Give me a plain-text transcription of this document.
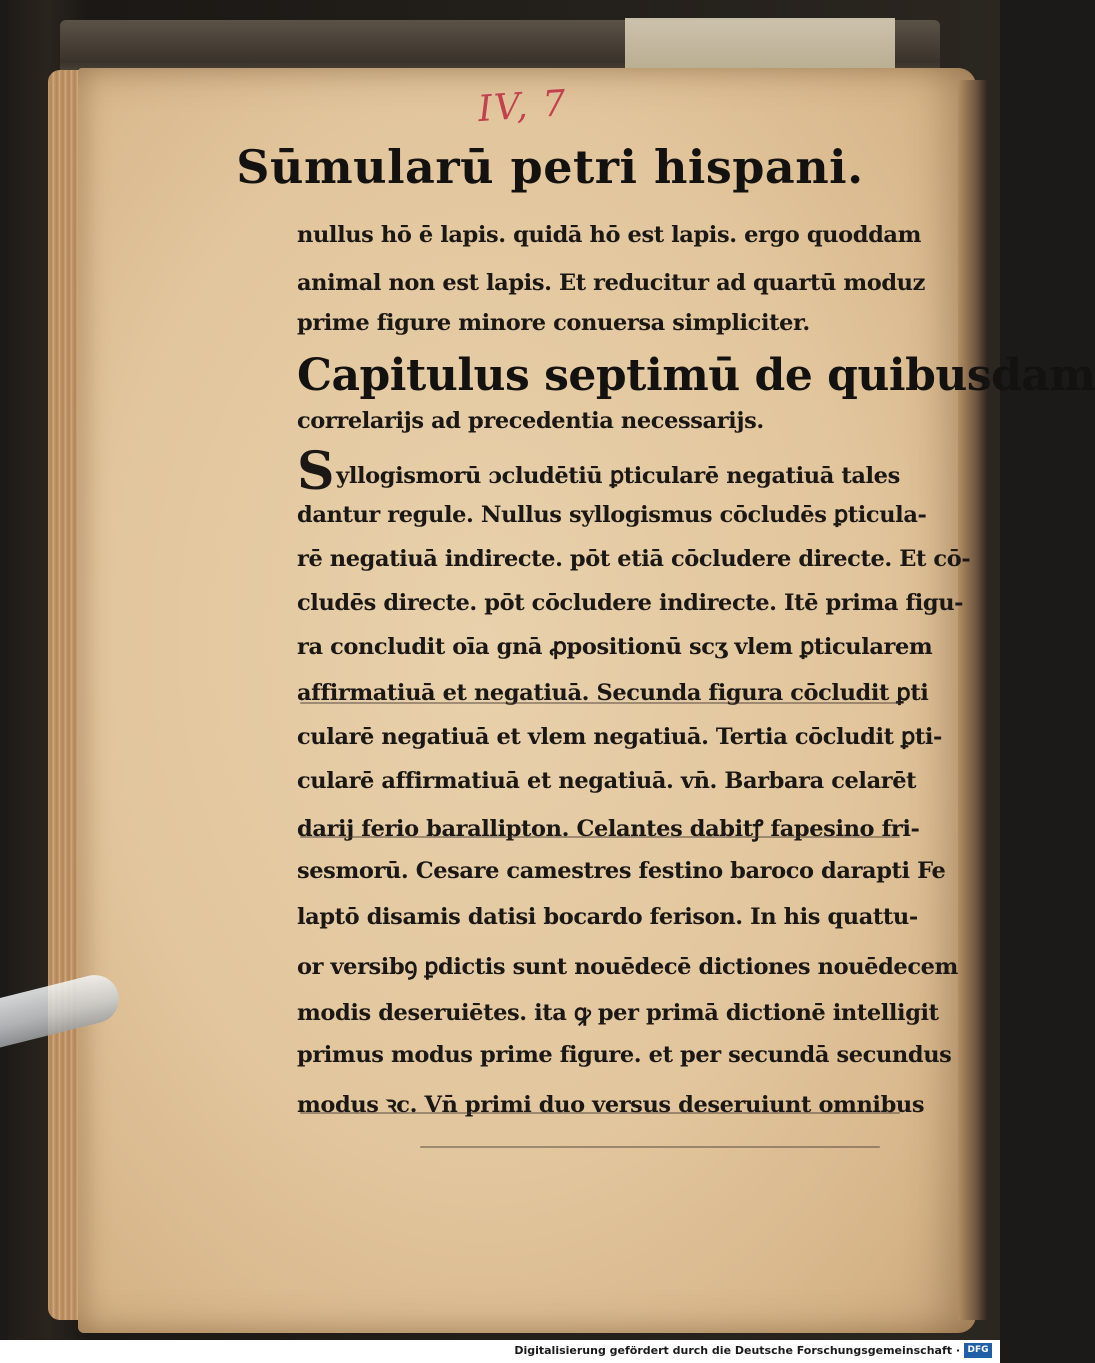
IV, 7
Sūmularū petri hispani.
nullus hō ē lapis. quidā hō est lapis. ergo quoddam
animal non est lapis. Et reducitur ad quartū moduz
prime figure minore conuersa simpliciter.
Capitulus septimū de quibusdam
correlarijs ad precedentia necessarijs.
Syllogismorū ɔcludētiū ꝑticularē negatiuā tales
dantur regule. Nullus syllogismus cōcludēs ꝑticula-
rē negatiuā indirecte. pōt etiā cōcludere directe. Et cō-
cludēs directe. pōt cōcludere indirecte. Itē prima figu-
ra concludit oīa gnā ꝓpositionū scʒ vlem ꝑticularem
affirmatiuā et negatiuā. Secunda figura cōcludit ꝑti
cularē negatiuā et vlem negatiuā. Tertia cōcludit ꝑti-
cularē affirmatiuā et negatiuā. vn̄. Barbara celarēt
darij ferio barallipton. Celantes dabitꝭ fapesino fri-
sesmorū. Cesare camestres festino baroco darapti Fe
laptō disamis datisi bocardo ferison. In his quattu-
or versibꝯ ꝑdictis sunt nouēdecē dictiones nouēdecem
modis deseruiētes. ita ꝙ per primā dictionē intelligit
primus modus prime figure. et per secundā secundus
modus ꝛc. Vn̄ primi duo versus deseruiunt omnibus
Digitalisierung gefördert durch die Deutsche Forschungsgemeinschaft · DFG
